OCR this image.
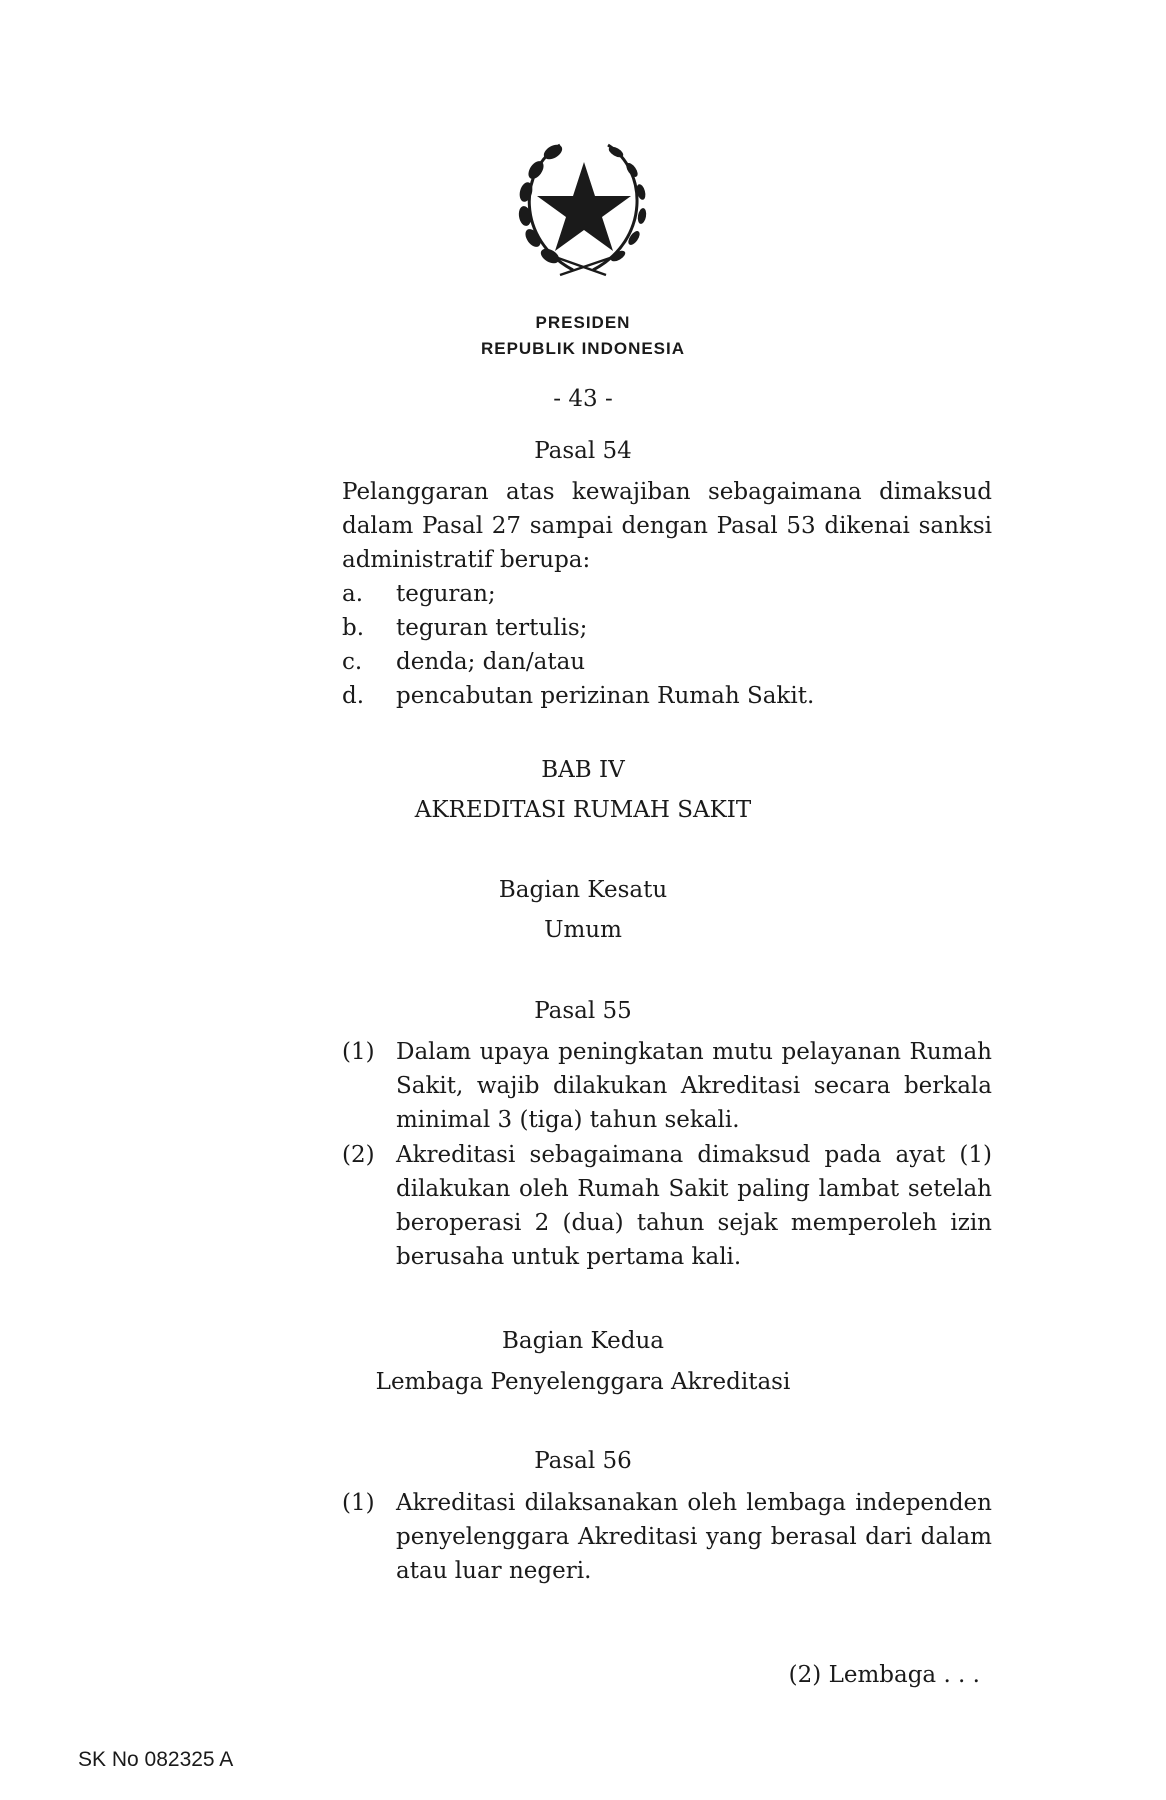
PRESIDEN
REPUBLIK INDONESIA
- 43 -
Pasal 54
Pelanggaran atas kewajiban sebagaimana dimaksud
dalam Pasal 27 sampai dengan Pasal 53 dikenai sanksi
administratif berupa:
a. teguran;
b. teguran tertulis;
c. denda; dan/atau
d. pencabutan perizinan Rumah Sakit.
BAB IV
AKREDITASI RUMAH SAKIT
Bagian Kesatu
Umum
Pasal 55
(1) Dalam upaya peningkatan mutu pelayanan Rumah
Sakit, wajib dilakukan Akreditasi secara berkala
minimal 3 (tiga) tahun sekali.
(2) Akreditasi sebagaimana dimaksud pada ayat (1)
dilakukan oleh Rumah Sakit paling lambat setelah
beroperasi 2 (dua) tahun sejak memperoleh izin
berusaha untuk pertama kali.
Bagian Kedua
Lembaga Penyelenggara Akreditasi
Pasal 56
(1) Akreditasi dilaksanakan oleh lembaga independen
penyelenggara Akreditasi yang berasal dari dalam
atau luar negeri.
(2) Lembaga . . .
SK No 082325 A
